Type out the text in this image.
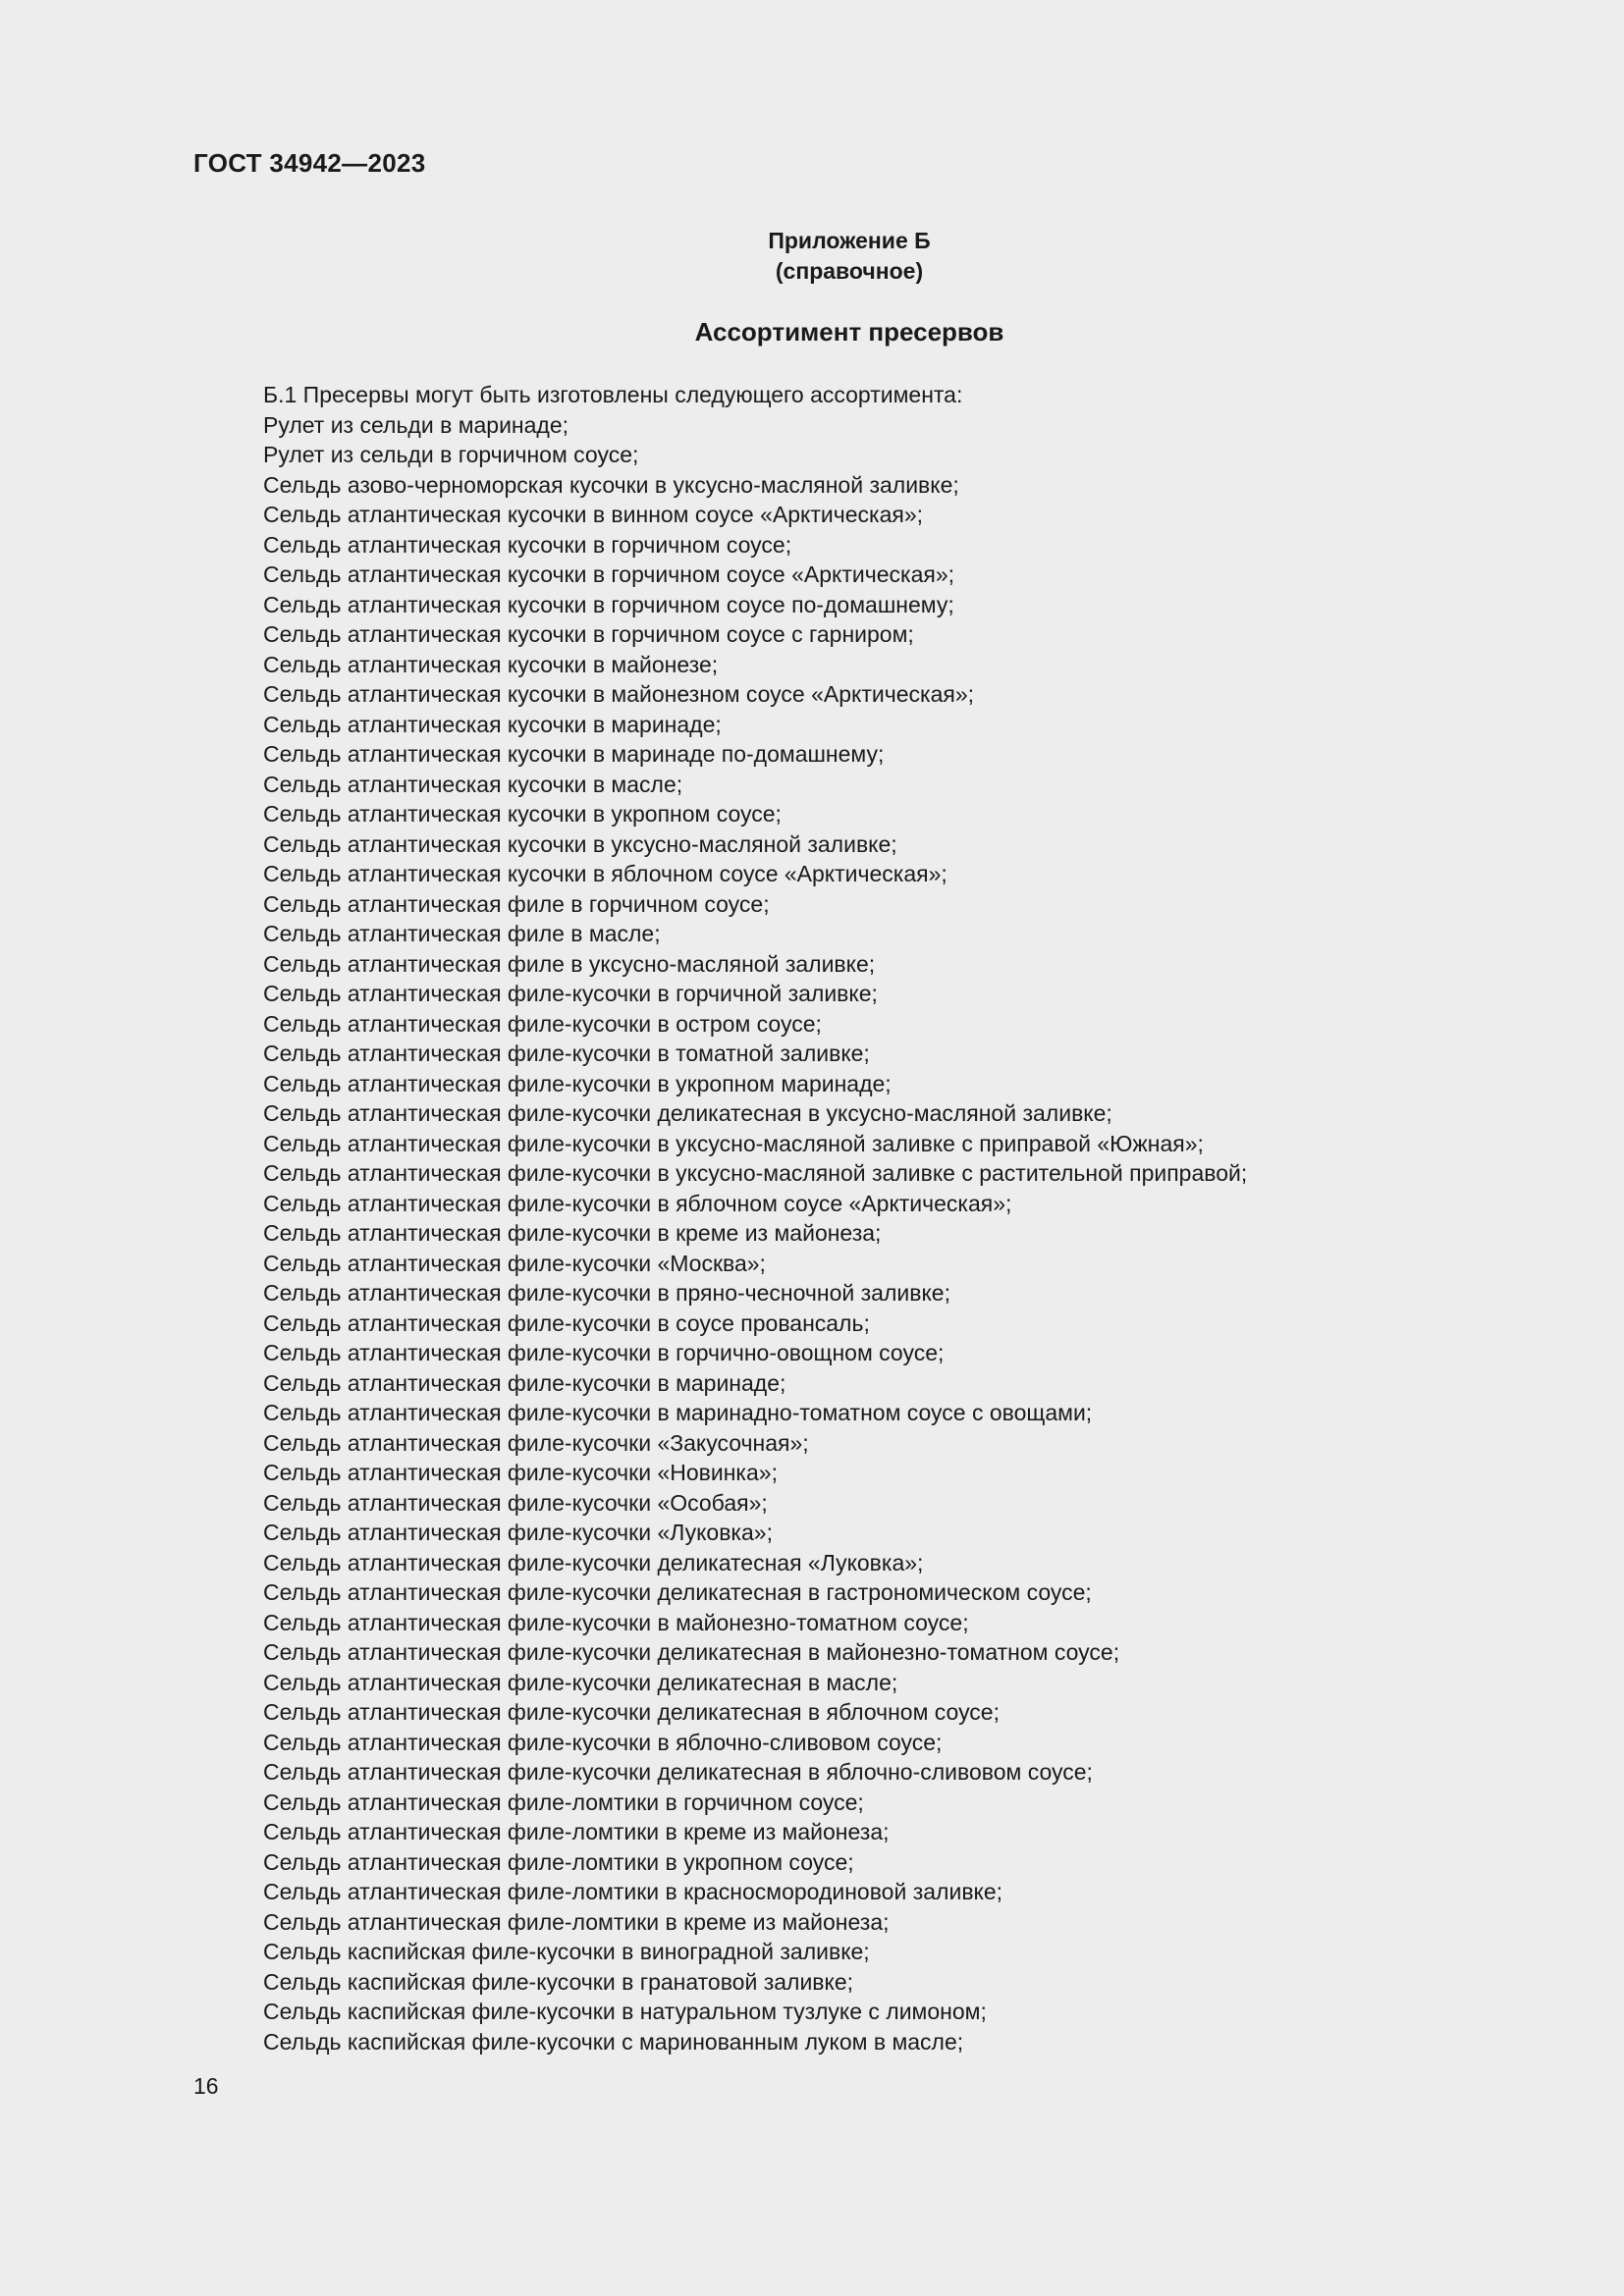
ГОСТ 34942—2023
Приложение Б
(справочное)
Ассортимент пресервов
Б.1 Пресервы могут быть изготовлены следующего ассортимента:
Рулет из сельди в маринаде;
Рулет из сельди в горчичном соусе;
Сельдь азово-черноморская кусочки в уксусно-масляной заливке;
Сельдь атлантическая кусочки в винном соусе «Арктическая»;
Сельдь атлантическая кусочки в горчичном соусе;
Сельдь атлантическая кусочки в горчичном соусе «Арктическая»;
Сельдь атлантическая кусочки в горчичном соусе по-домашнему;
Сельдь атлантическая кусочки в горчичном соусе с гарниром;
Сельдь атлантическая кусочки в майонезе;
Сельдь атлантическая кусочки в майонезном соусе «Арктическая»;
Сельдь атлантическая кусочки в маринаде;
Сельдь атлантическая кусочки в маринаде по-домашнему;
Сельдь атлантическая кусочки в масле;
Сельдь атлантическая кусочки в укропном соусе;
Сельдь атлантическая кусочки в уксусно-масляной заливке;
Сельдь атлантическая кусочки в яблочном соусе «Арктическая»;
Сельдь атлантическая филе в горчичном соусе;
Сельдь атлантическая филе в масле;
Сельдь атлантическая филе в уксусно-масляной заливке;
Сельдь атлантическая филе-кусочки в горчичной заливке;
Сельдь атлантическая филе-кусочки в остром соусе;
Сельдь атлантическая филе-кусочки в томатной заливке;
Сельдь атлантическая филе-кусочки в укропном маринаде;
Сельдь атлантическая филе-кусочки деликатесная в уксусно-масляной заливке;
Сельдь атлантическая филе-кусочки в уксусно-масляной заливке с приправой «Южная»;
Сельдь атлантическая филе-кусочки в уксусно-масляной заливке с растительной приправой;
Сельдь атлантическая филе-кусочки в яблочном соусе «Арктическая»;
Сельдь атлантическая филе-кусочки в креме из майонеза;
Сельдь атлантическая филе-кусочки «Москва»;
Сельдь атлантическая филе-кусочки в пряно-чесночной заливке;
Сельдь атлантическая филе-кусочки в соусе провансаль;
Сельдь атлантическая филе-кусочки в горчично-овощном соусе;
Сельдь атлантическая филе-кусочки в маринаде;
Сельдь атлантическая филе-кусочки в маринадно-томатном соусе с овощами;
Сельдь атлантическая филе-кусочки «Закусочная»;
Сельдь атлантическая филе-кусочки «Новинка»;
Сельдь атлантическая филе-кусочки «Особая»;
Сельдь атлантическая филе-кусочки «Луковка»;
Сельдь атлантическая филе-кусочки деликатесная «Луковка»;
Сельдь атлантическая филе-кусочки деликатесная в гастрономическом соусе;
Сельдь атлантическая филе-кусочки в майонезно-томатном соусе;
Сельдь атлантическая филе-кусочки деликатесная в майонезно-томатном соусе;
Сельдь атлантическая филе-кусочки деликатесная в масле;
Сельдь атлантическая филе-кусочки деликатесная в яблочном соусе;
Сельдь атлантическая филе-кусочки в яблочно-сливовом соусе;
Сельдь атлантическая филе-кусочки деликатесная в яблочно-сливовом соусе;
Сельдь атлантическая филе-ломтики в горчичном соусе;
Сельдь атлантическая филе-ломтики в креме из майонеза;
Сельдь атлантическая филе-ломтики в укропном соусе;
Сельдь атлантическая филе-ломтики в красносмородиновой заливке;
Сельдь атлантическая филе-ломтики в креме из майонеза;
Сельдь каспийская филе-кусочки в виноградной заливке;
Сельдь каспийская филе-кусочки в гранатовой заливке;
Сельдь каспийская филе-кусочки в натуральном тузлуке с лимоном;
Сельдь каспийская филе-кусочки с маринованным луком в масле;
16
